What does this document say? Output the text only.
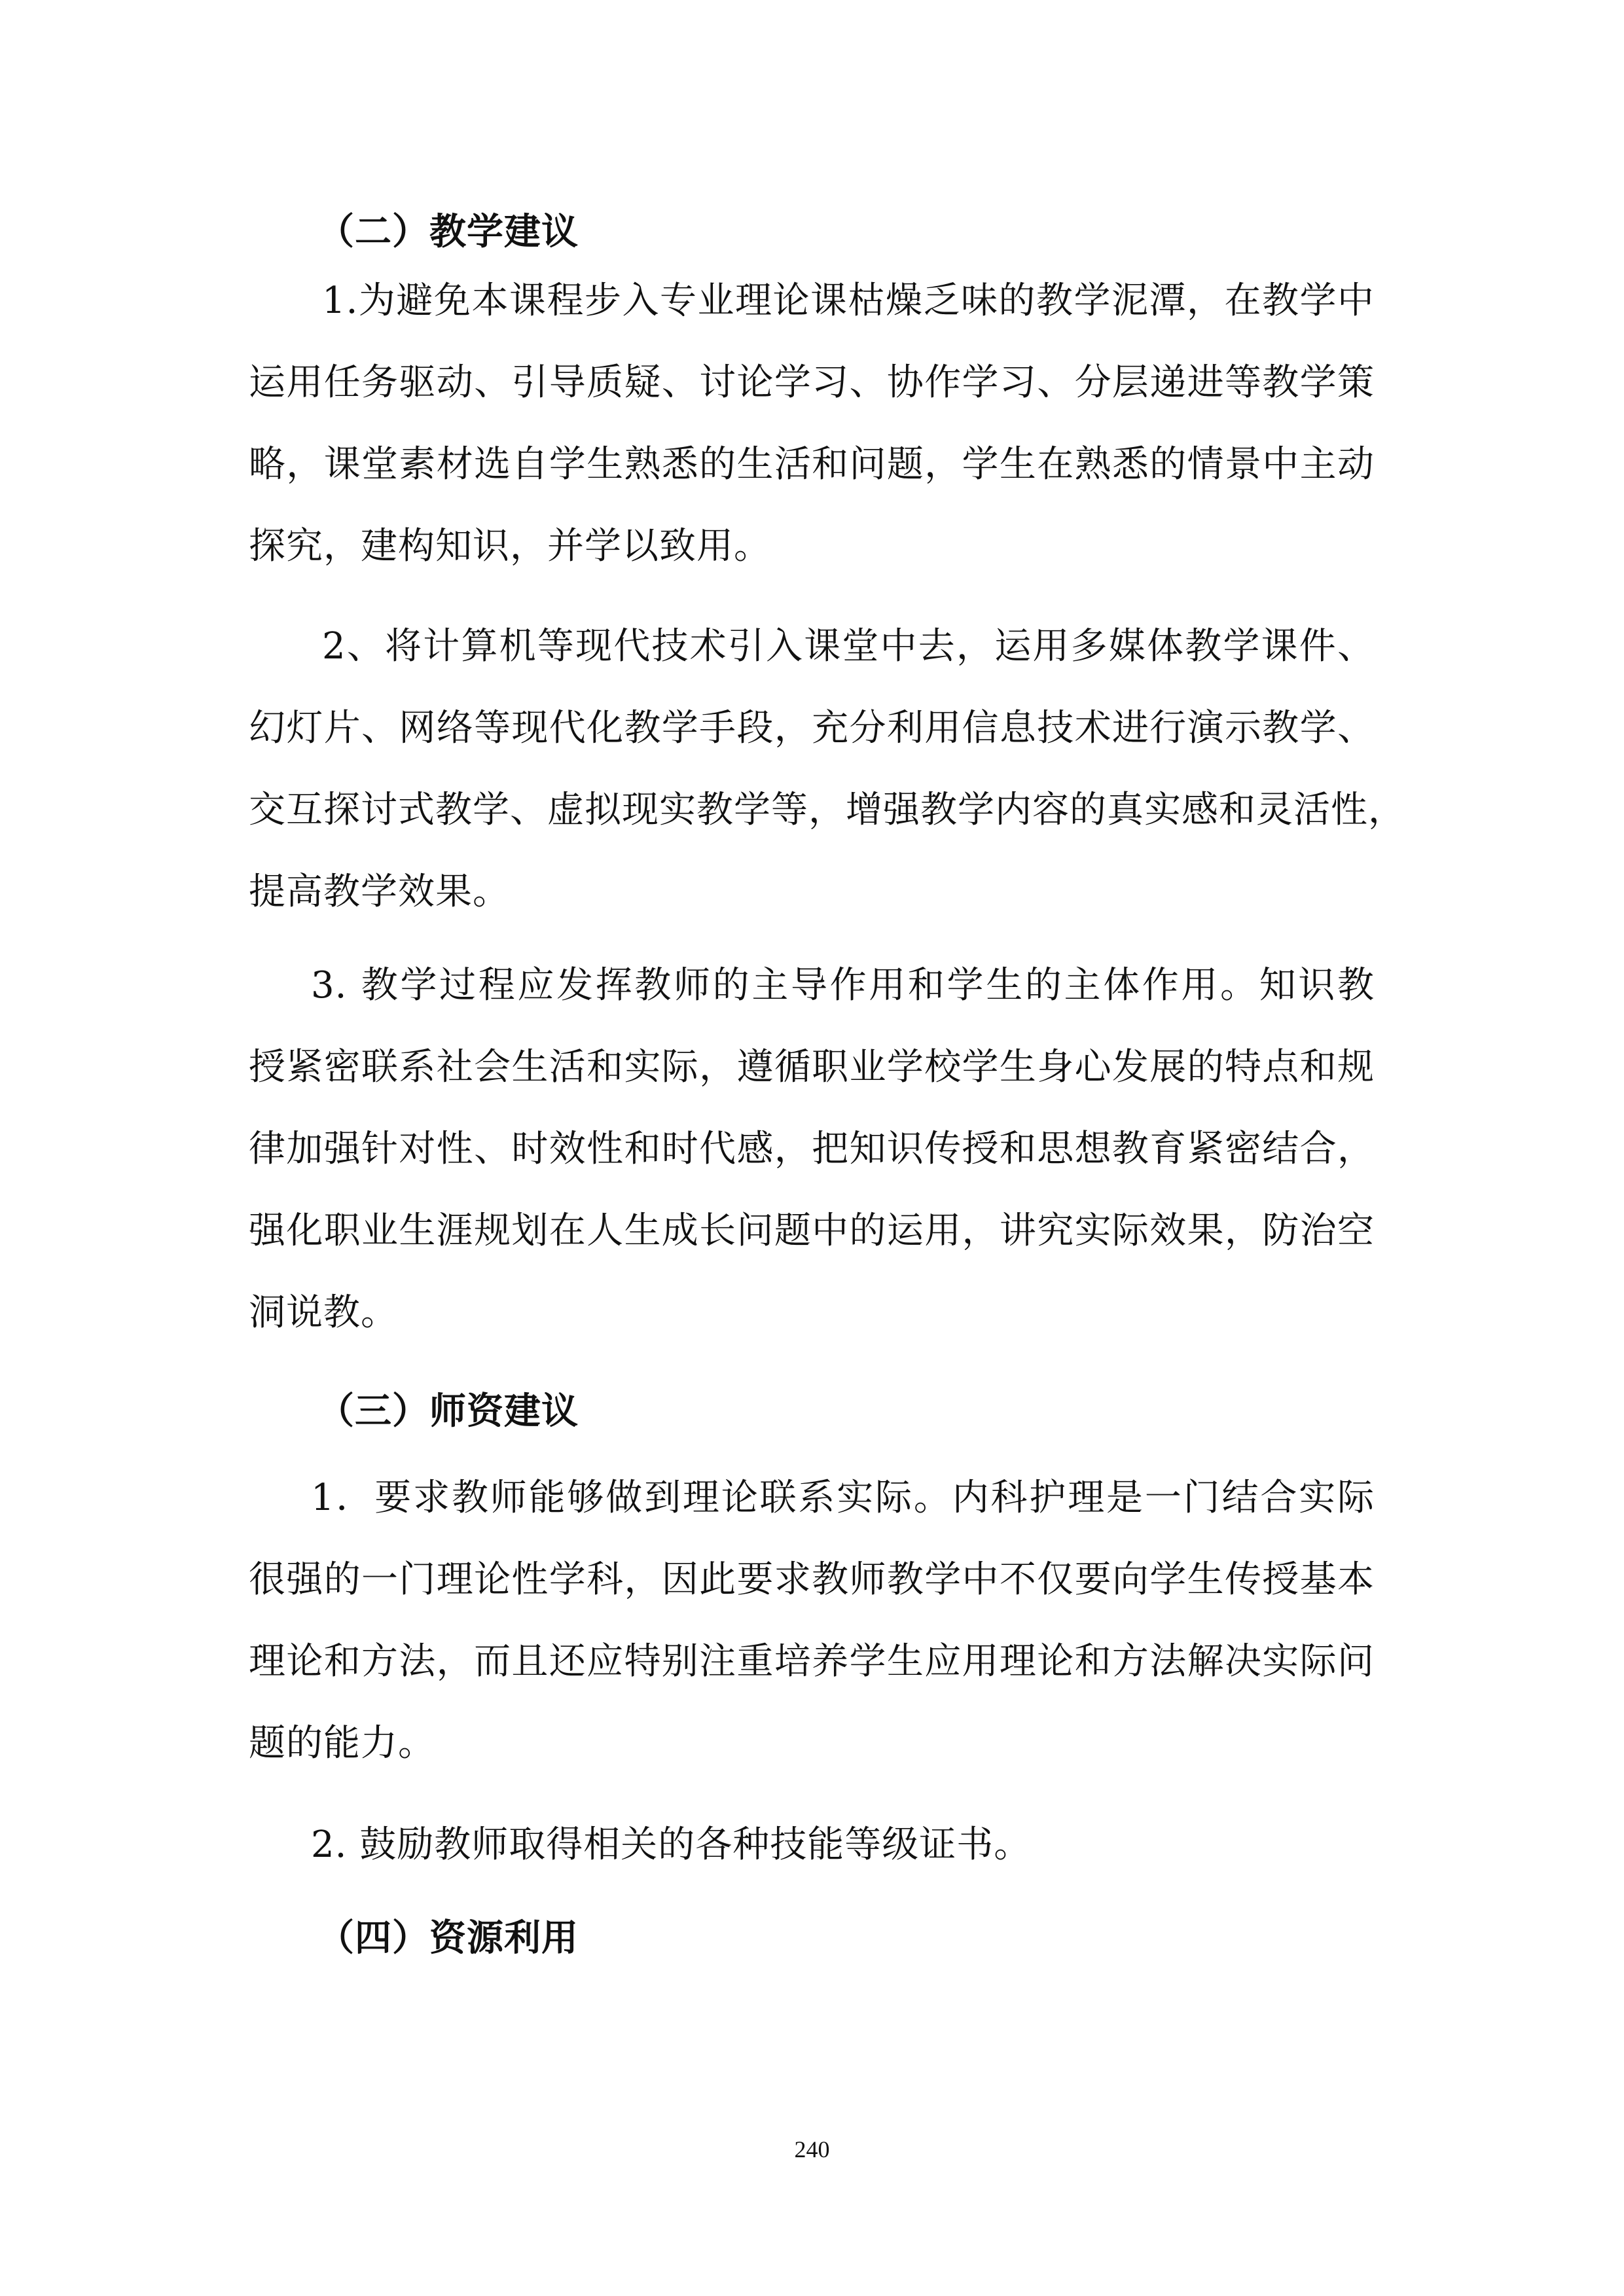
（二）教学建议
1.为避免本课程步入专业理论课枯燥乏味的教学泥潭，在教学中
运用任务驱动、引导质疑、讨论学习、协作学习、分层递进等教学策
略，课堂素材选自学生熟悉的生活和问题，学生在熟悉的情景中主动
探究，建构知识，并学以致用。
2、将计算机等现代技术引入课堂中去，运用多媒体教学课件、
幻灯片、网络等现代化教学手段，充分利用信息技术进行演示教学、
交互探讨式教学、虚拟现实教学等，增强教学内容的真实感和灵活性，
提高教学效果。
3. 教学过程应发挥教师的主导作用和学生的主体作用。知识教
授紧密联系社会生活和实际，遵循职业学校学生身心发展的特点和规
律加强针对性、时效性和时代感，把知识传授和思想教育紧密结合，
强化职业生涯规划在人生成长问题中的运用，讲究实际效果，防治空
洞说教。
（三）师资建议
1．要求教师能够做到理论联系实际。内科护理是一门结合实际
很强的一门理论性学科，因此要求教师教学中不仅要向学生传授基本
理论和方法，而且还应特别注重培养学生应用理论和方法解决实际问
题的能力。
2. 鼓励教师取得相关的各种技能等级证书。
（四）资源利用
240
